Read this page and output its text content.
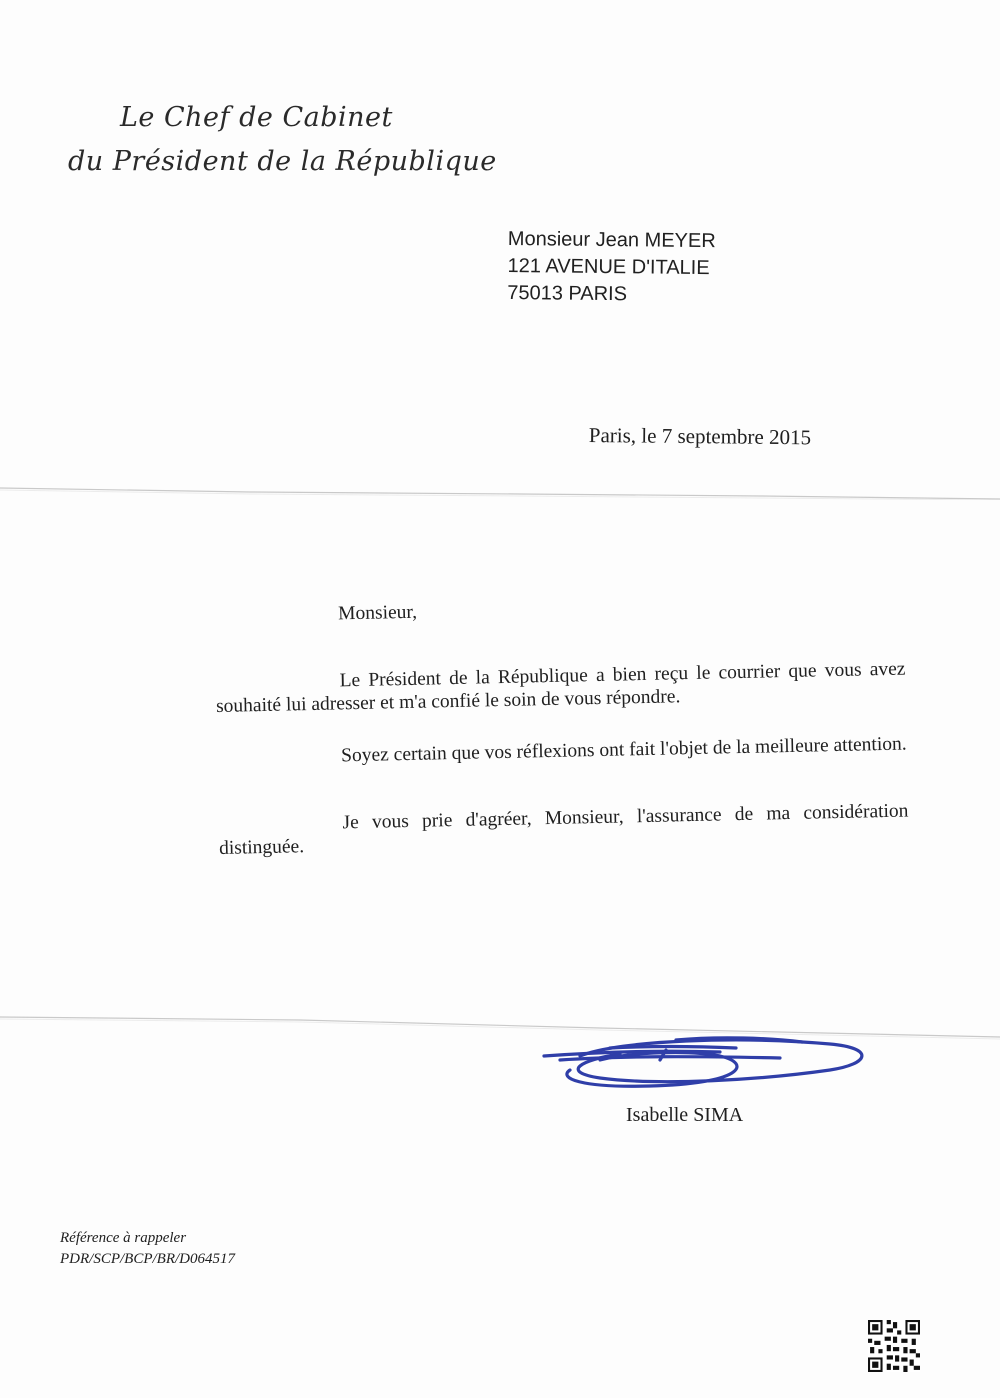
Le Chef de Cabinet
du Président de la République
Monsieur Jean MEYER
121 AVENUE D'ITALIE
75013 PARIS
Paris, le 7 septembre 2015

Monsieur,

Le Président de la République a bien reçu le courrier que vous avez souhaité lui adresser et m'a confié le soin de vous répondre.

Soyez certain que vos réflexions ont fait l'objet de la meilleure attention.

Je vous prie d'agréer, Monsieur, l'assurance de ma considération distinguée.

Isabelle SIMA
Référence à rappeler
PDR/SCP/BCP/BR/D064517
